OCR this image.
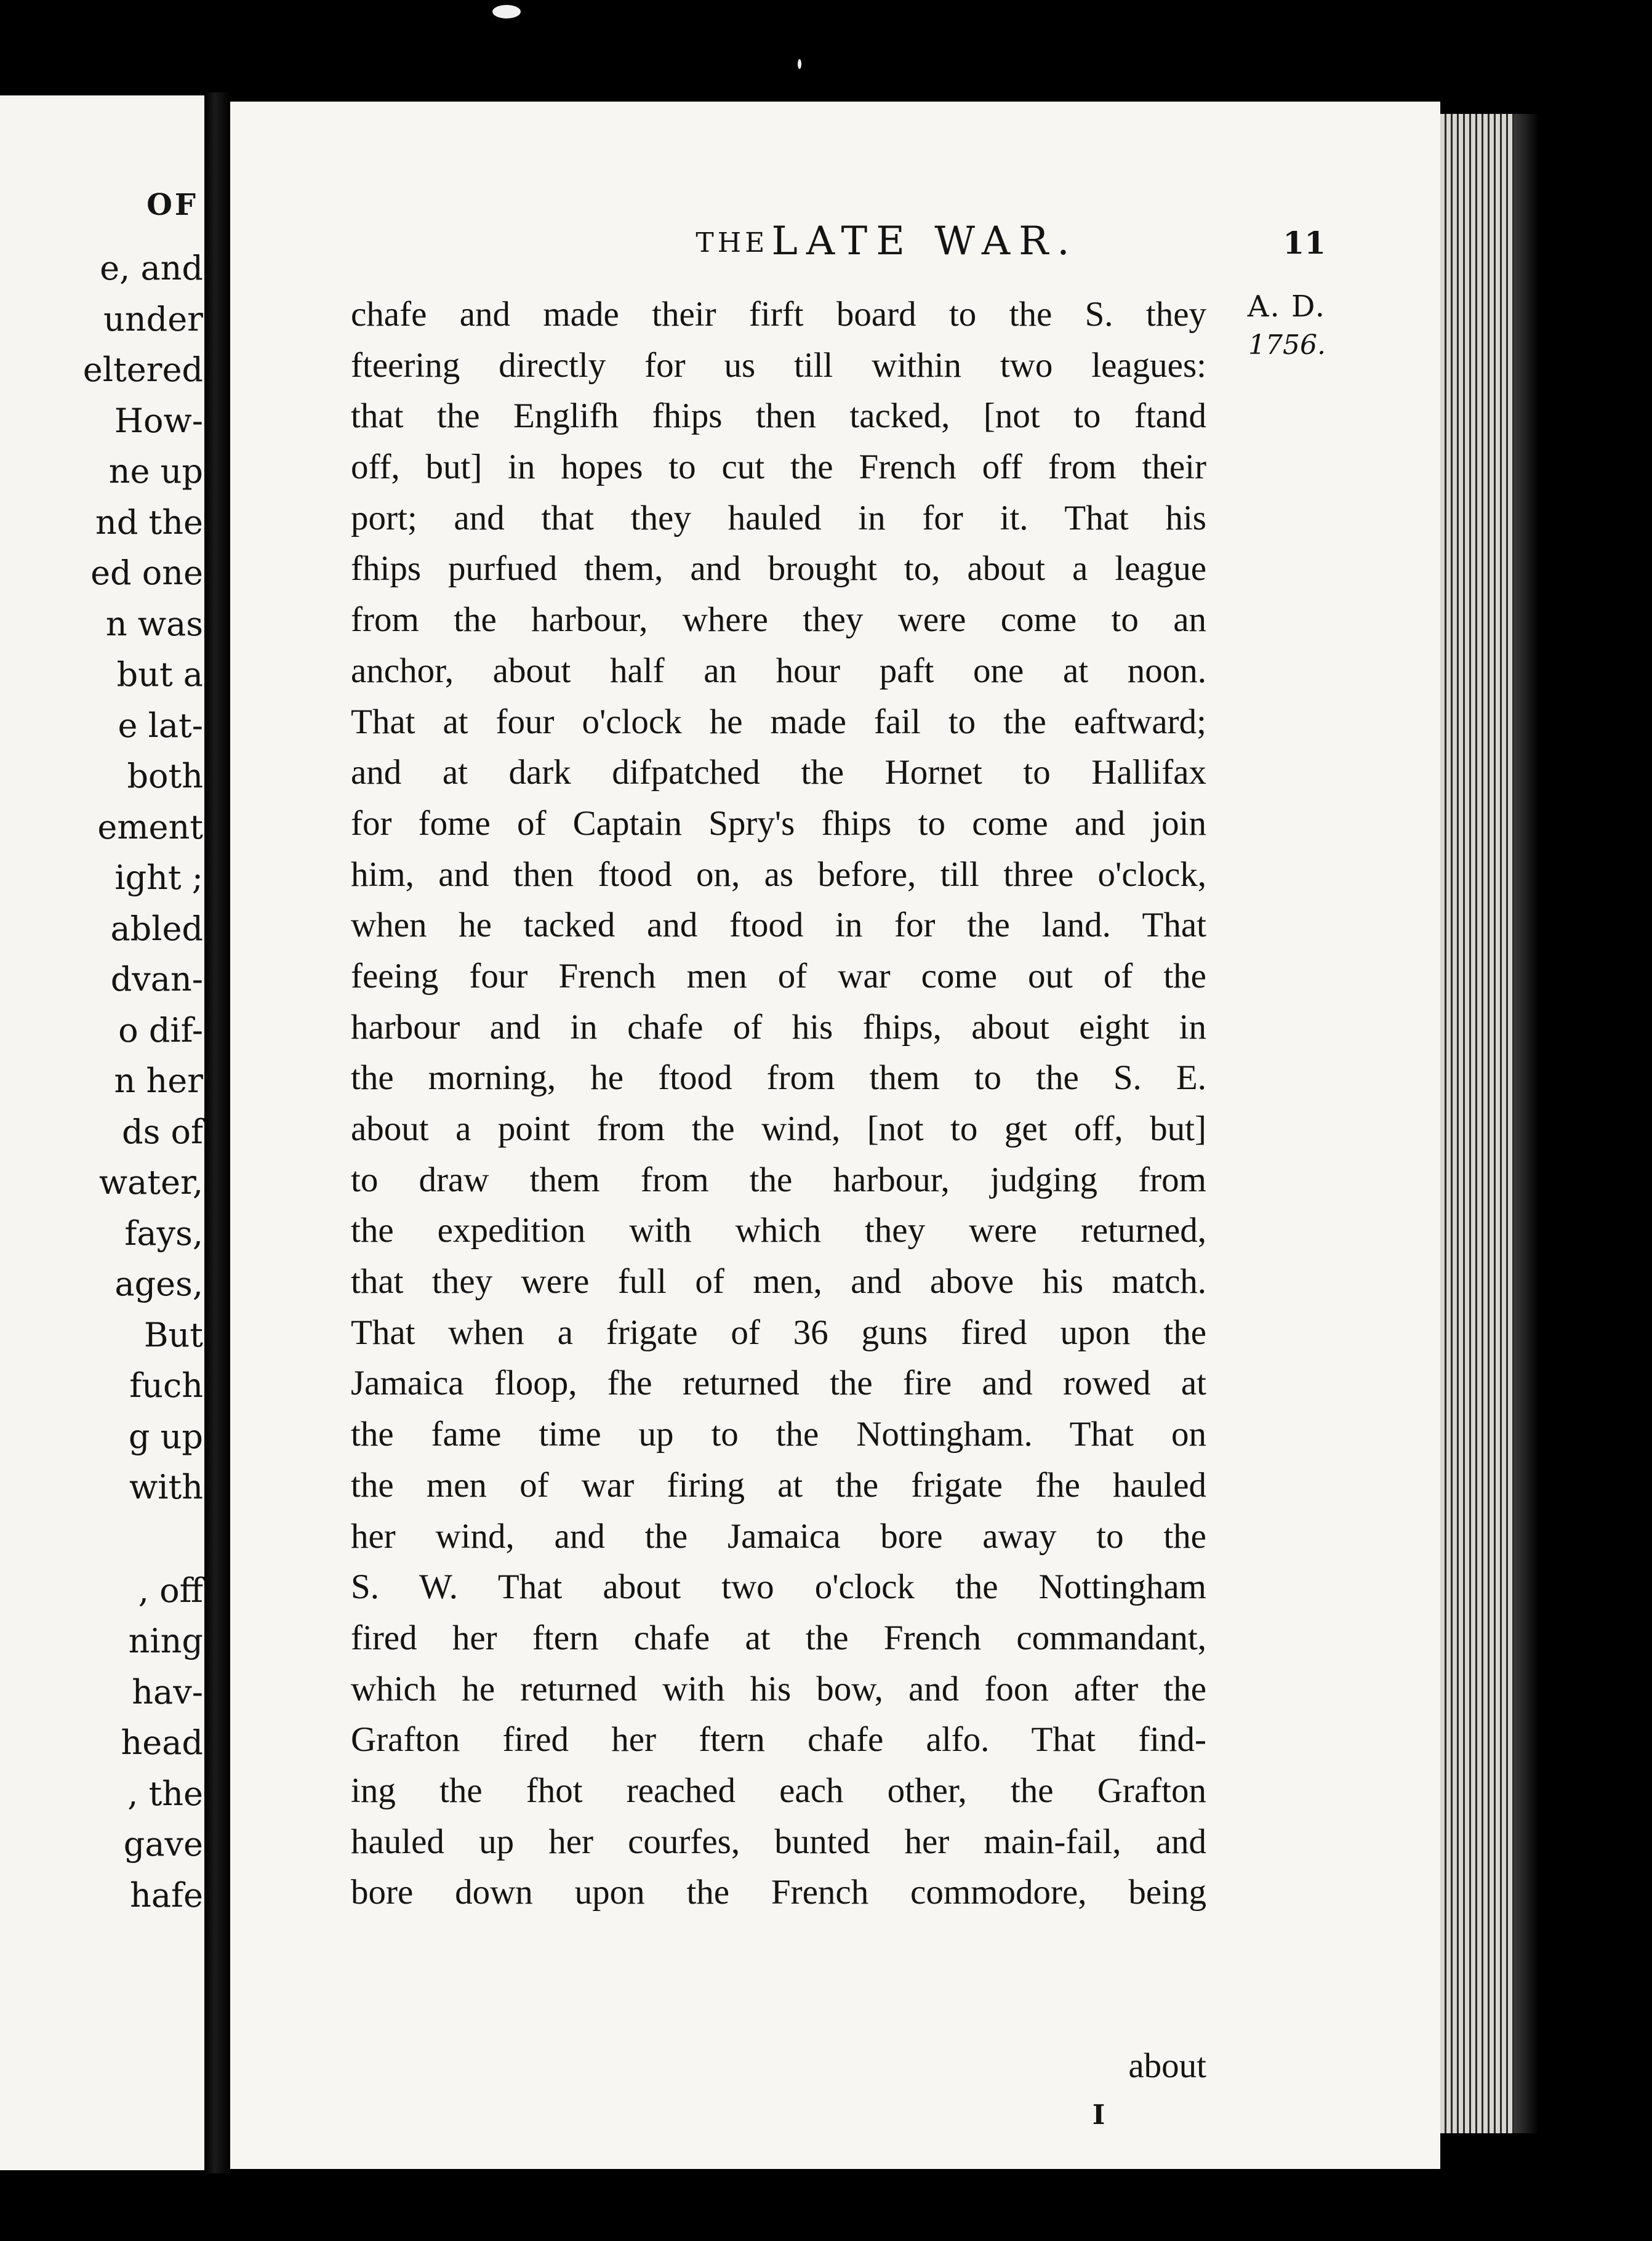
OF
e, and
under
eltered
How-
ne up
nd the
ed one
n was
but a
e lat-
both
ement
ight ;
abled
dvan-
o dif-
n her
ds of
water,
fays,
ages,
But
fuch
g up
with
, off
ning
hav-
head
, the
gave
hafe
THE LATE WAR.	11
A. D.
1756.
chafe and made their firft board to the S. they
fteering directly for us till within two leagues:
that the Englifh fhips then tacked, [not to ftand
off, but] in hopes to cut the French off from their
port; and that they hauled in for it. That his
fhips purfued them, and brought to, about a league
from the harbour, where they were come to an
anchor, about half an hour paft one at noon.
That at four o'clock he made fail to the eaftward;
and at dark difpatched the Hornet to Hallifax
for fome of Captain Spry's fhips to come and join
him, and then ftood on, as before, till three o'clock,
when he tacked and ftood in for the land. That
feeing four French men of war come out of the
harbour and in chafe of his fhips, about eight in
the morning, he ftood from them to the S. E.
about a point from the wind, [not to get off, but]
to draw them from the harbour, judging from
the expedition with which they were returned,
that they were full of men, and above his match.
That when a frigate of 36 guns fired upon the
Jamaica floop, fhe returned the fire and rowed at
the fame time up to the Nottingham. That on
the men of war firing at the frigate fhe hauled
her wind, and the Jamaica bore away to the
S. W. That about two o'clock the Nottingham
fired her ftern chafe at the French commandant,
which he returned with his bow, and foon after the
Grafton fired her ftern chafe alfo. That find-
ing the fhot reached each other, the Grafton
hauled up her courfes, bunted her main-fail, and
bore down upon the French commodore, being
about
I
